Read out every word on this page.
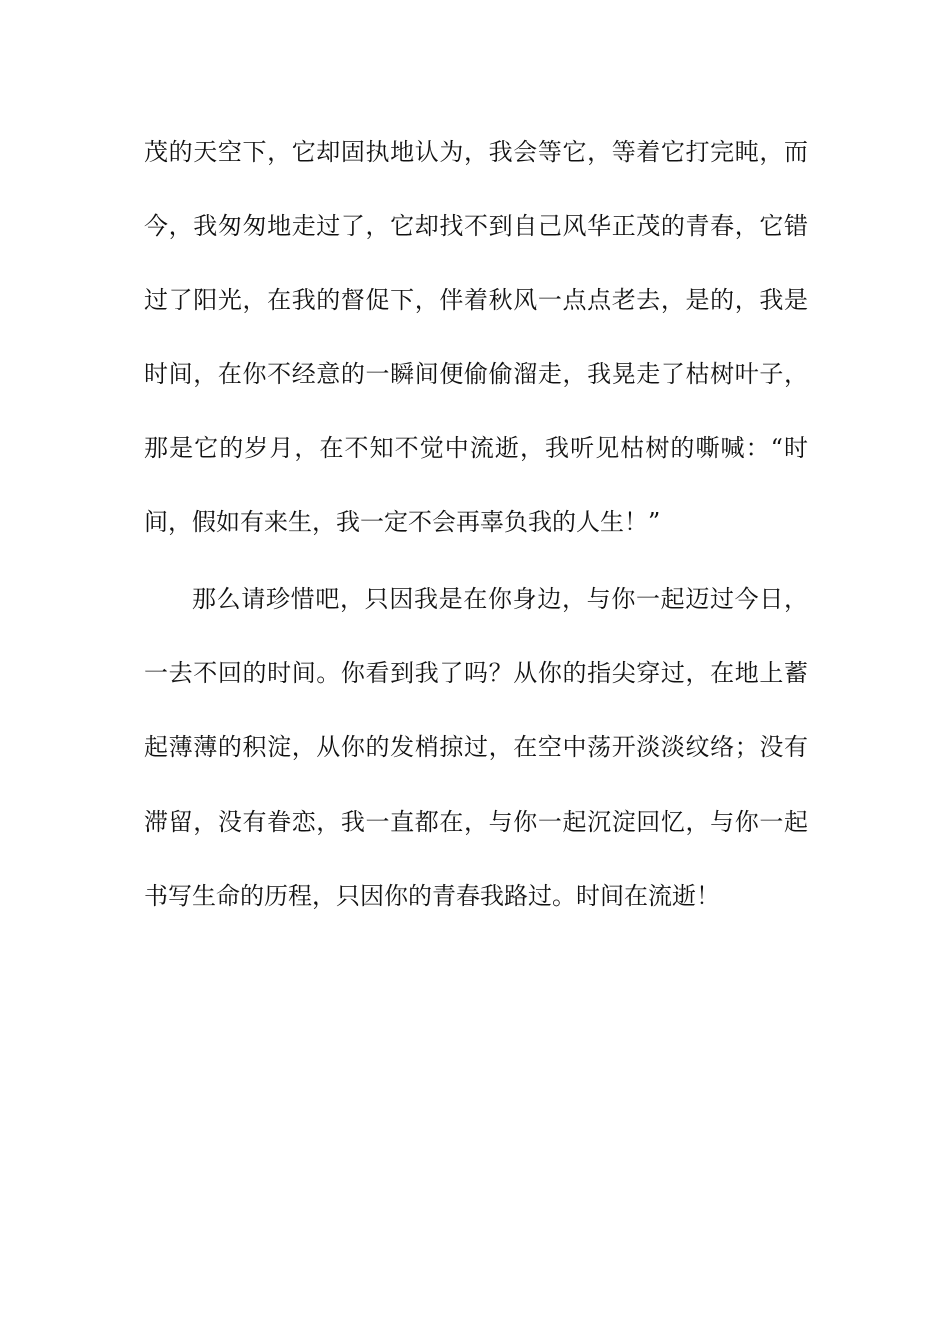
茂的天空下，它却固执地认为，我会等它，等着它打完盹，而
今，我匆匆地走过了，它却找不到自己风华正茂的青春，它错
过了阳光，在我的督促下，伴着秋风一点点老去，是的，我是
时间，在你不经意的一瞬间便偷偷溜走，我晃走了枯树叶子，
那是它的岁月，在不知不觉中流逝，我听见枯树的嘶喊：“时
间，假如有来生，我一定不会再辜负我的人生！”
那么请珍惜吧，只因我是在你身边，与你一起迈过今日，
一去不回的时间。你看到我了吗？从你的指尖穿过，在地上蓄
起薄薄的积淀，从你的发梢掠过，在空中荡开淡淡纹络；没有
滞留，没有眷恋，我一直都在，与你一起沉淀回忆，与你一起
书写生命的历程，只因你的青春我路过。时间在流逝！
